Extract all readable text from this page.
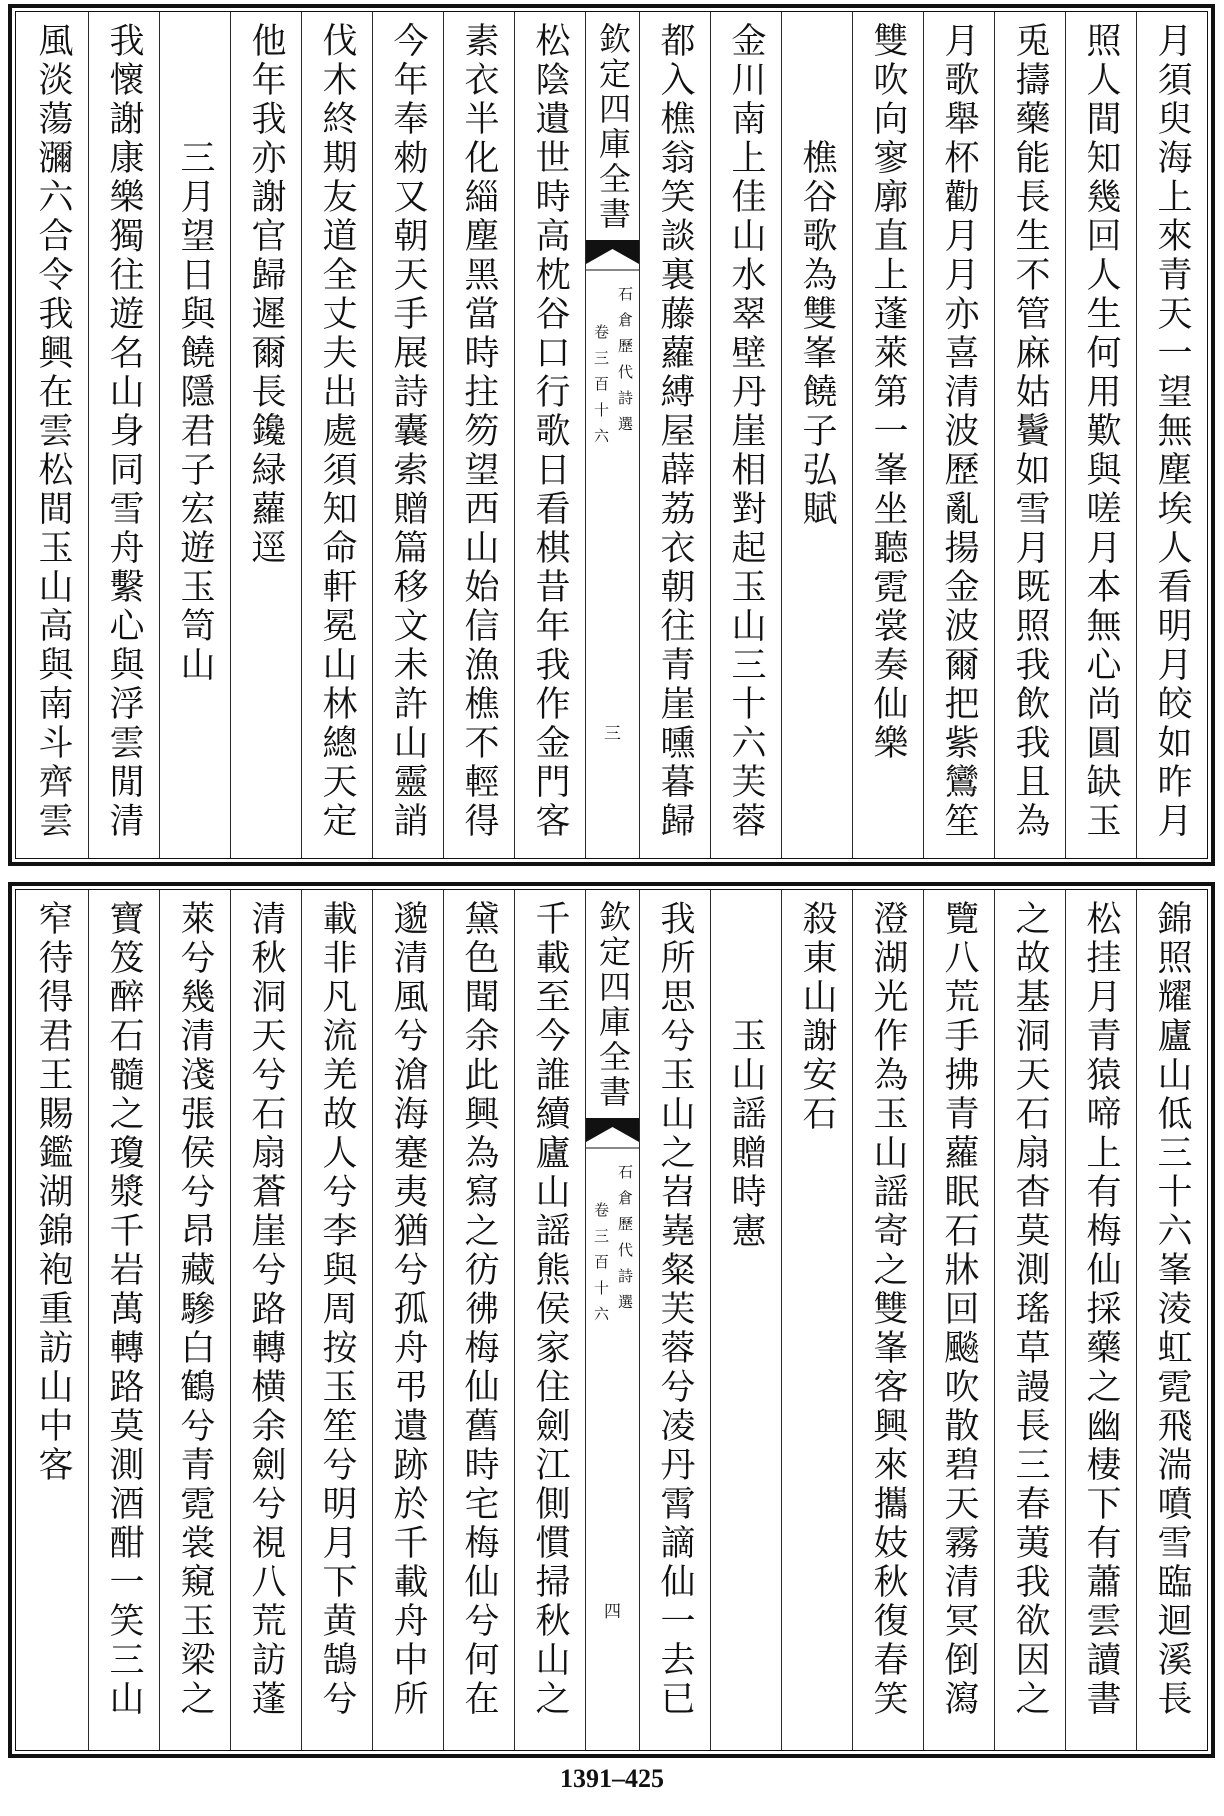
月須臾海上來青天一望無塵埃人看明月皎如昨月
照人間知幾回人生何用歎與嗟月本無心尚圓缺玉
兎擣藥能長生不管麻姑鬢如雪月既照我飲我且為
月歌舉杯勸月月亦喜清波歷亂揚金波爾把紫鸞笙
雙吹向寥廓直上蓬萊第一峯坐聽霓裳奏仙樂
樵谷歌為雙峯饒子弘賦
金川南上佳山水翠壁丹崖相對起玉山三十六芙蓉
都入樵翁笑談裏藤蘿縛屋薜荔衣朝往青崖曛暮歸
欽定四庫全書
石倉歷代詩選
卷三百十六
三
松陰遺世時高枕谷口行歌日看棋昔年我作金門客
素衣半化緇塵黑當時拄笏望西山始信漁樵不輕得
今年奉勑又朝天手展詩囊索贈篇移文未許山靈誚
伐木終期友道全丈夫出處須知命軒冕山林總天定
他年我亦謝官歸遲爾長鑱緑蘿逕
三月望日與饒隱君子宏遊玉笥山
我懷謝康樂獨往遊名山身同雪舟繫心與浮雲閒清
風淡蕩瀰六合令我興在雲松間玉山高與南斗齊雲
錦照耀廬山低三十六峯淩虹霓飛湍噴雪臨迴溪長
松挂月青猿啼上有梅仙採藥之幽棲下有蕭雲讀書
之故基洞天石扇杳莫測瑤草謾長三春荑我欲因之
覽八荒手拂青蘿眠石牀回飈吹散碧天霧清冥倒瀉
澄湖光作為玉山謡寄之雙峯客興來攜妓秋復春笑
殺東山謝安石
玉山謡贈時憲
我所思兮玉山之岧嶤粲芙蓉兮凌丹霄謫仙一去已
欽定四庫全書
石倉歷代詩選
卷三百十六
四
千載至今誰續廬山謡熊侯家住劍江側慣掃秋山之
黛色聞余此興為寫之彷彿梅仙舊時宅梅仙兮何在
邈清風兮滄海蹇夷猶兮孤舟弔遺跡於千載舟中所
載非凡流羌故人兮李與周按玉笙兮明月下黄鵠兮
清秋洞天兮石扇蒼崖兮路轉横余劍兮視八荒訪蓬
萊兮幾清淺張侯兮昂藏驂白鶴兮青霓裳窺玉梁之
寶笈醉石髓之瓊漿千岩萬轉路莫測酒酣一笑三山
窄待得君王賜鑑湖錦袍重訪山中客
1391–425
